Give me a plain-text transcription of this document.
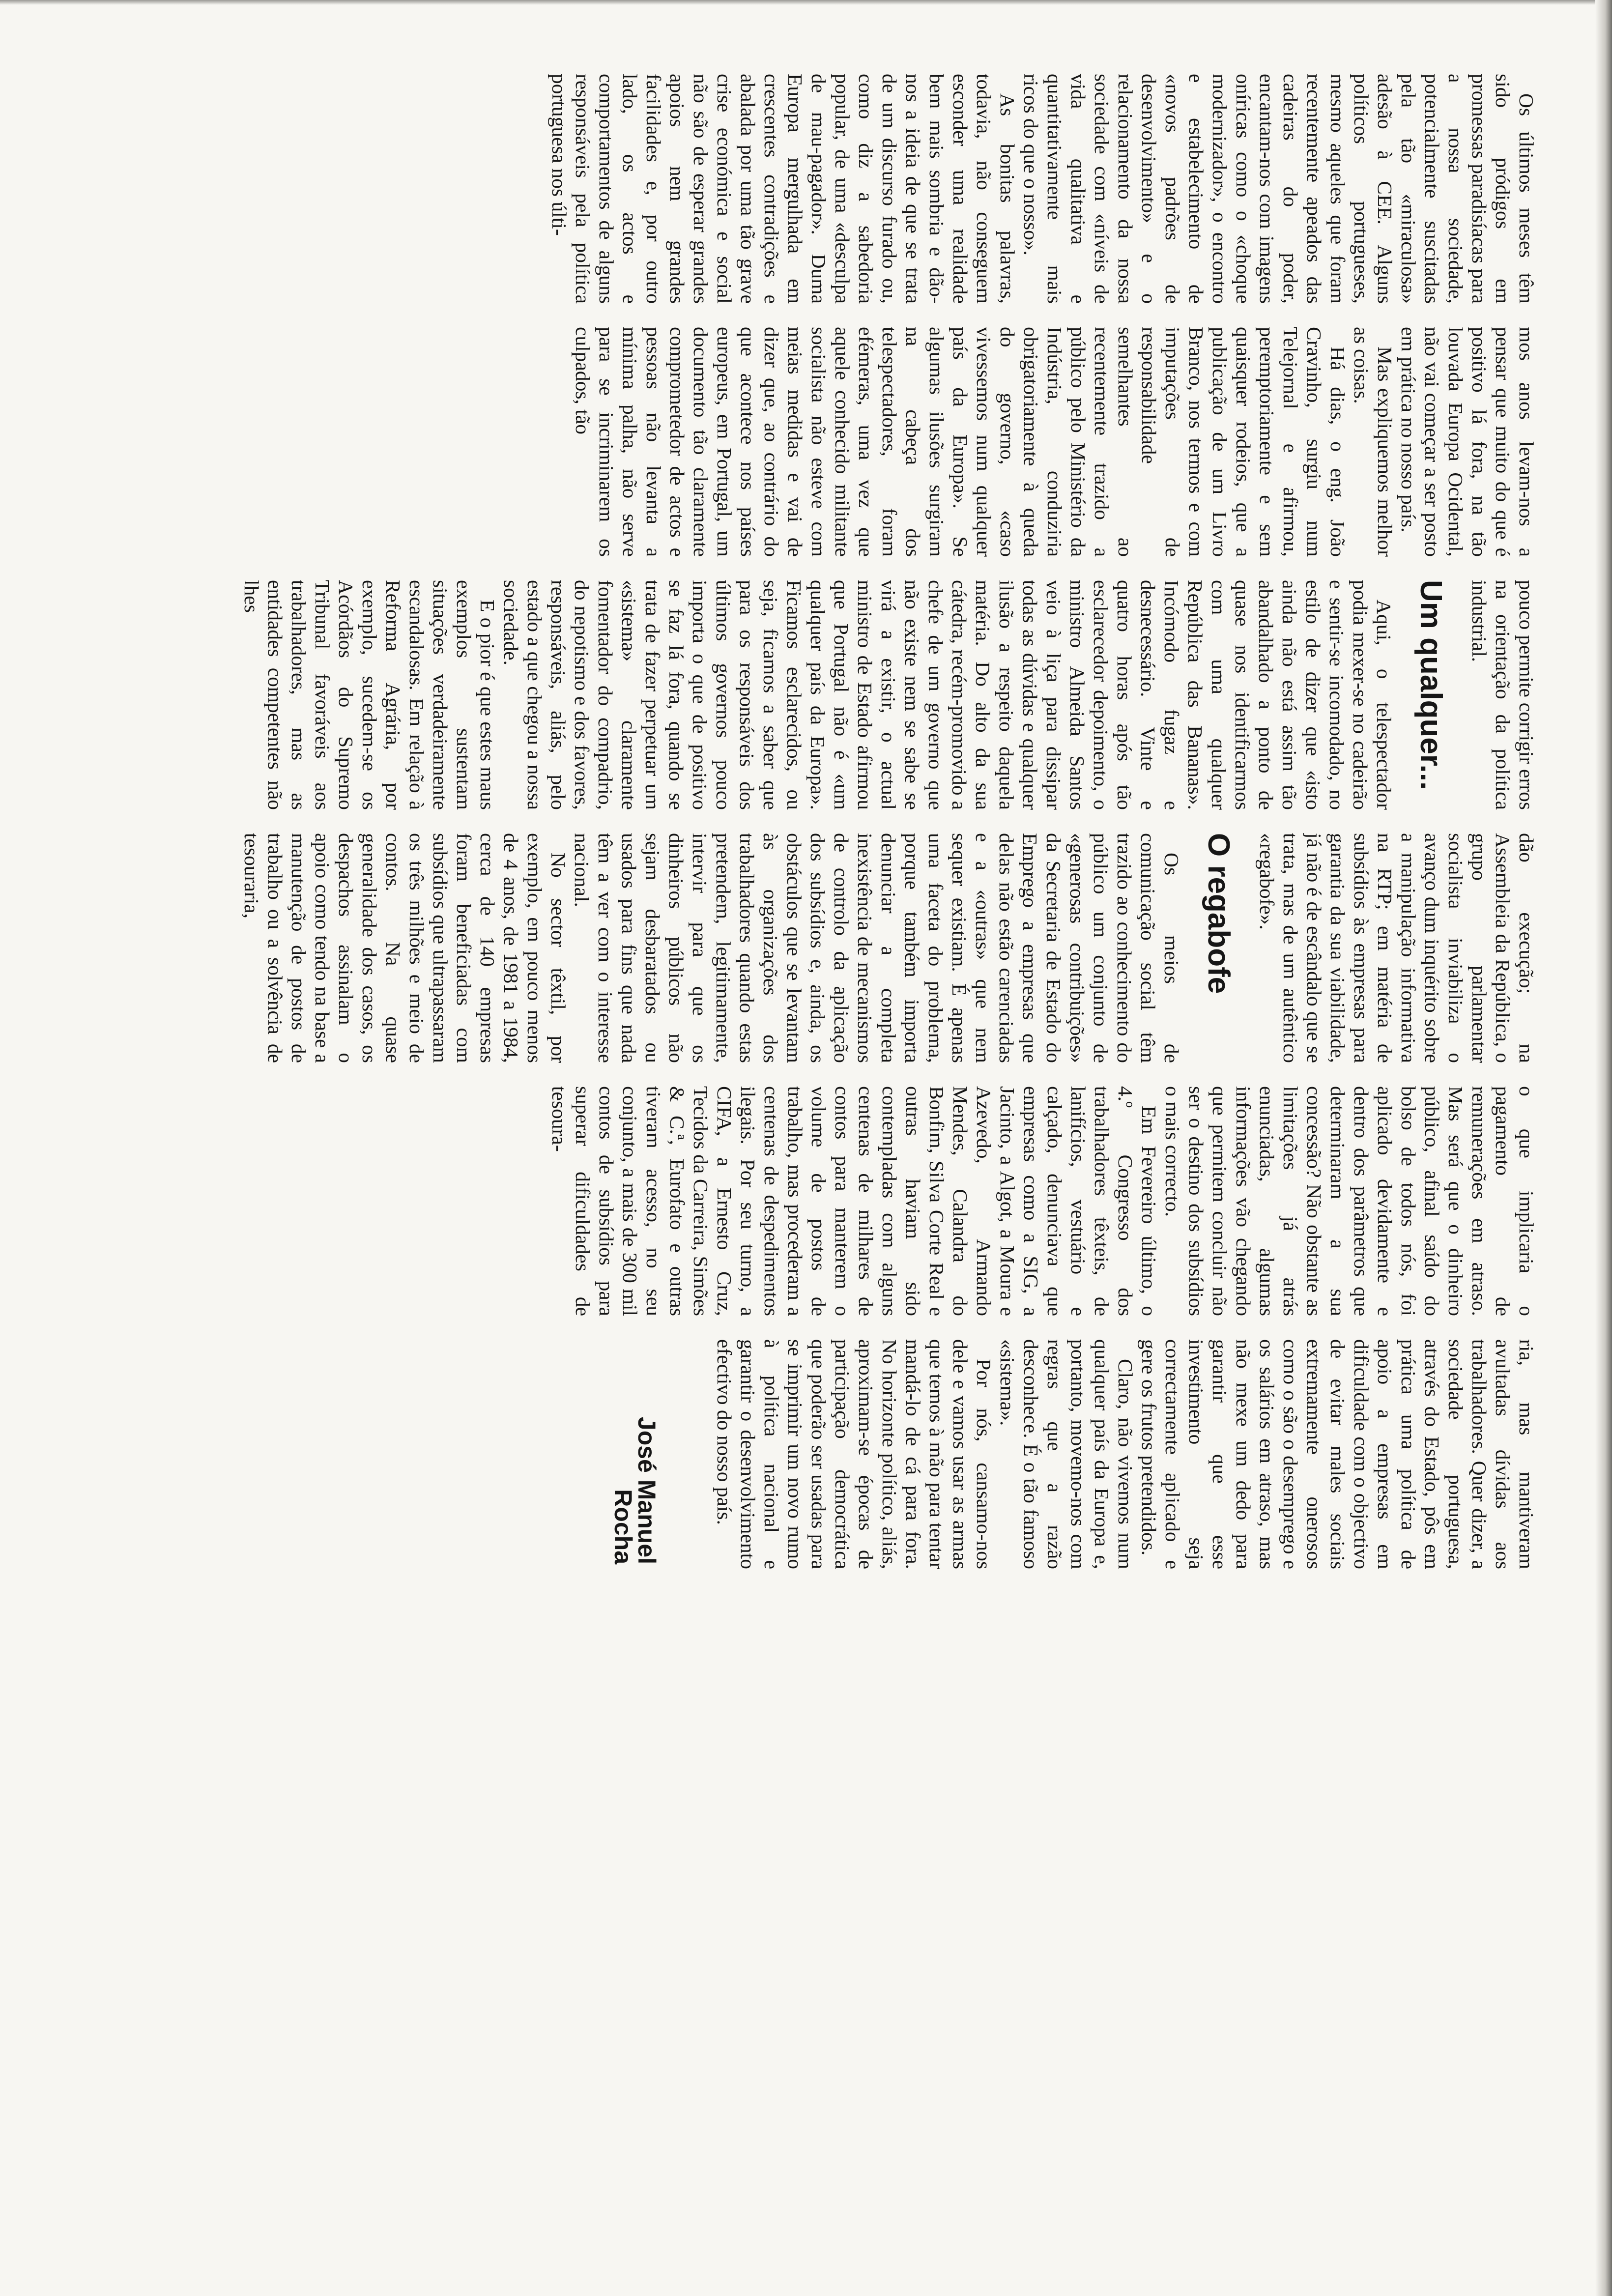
Os últimos meses têm sido pródigos em promessas paradisíacas para a nossa sociedade, potencialmente suscitadas pela tão «miraculosa» adesão à CEE. Alguns políticos portugueses, mesmo aqueles que foram recentemente apeados das cadeiras do poder, encantam-nos com imagens oníricas como o «choque modernizador», o encontro e estabelecimento de «novos padrões de desenvolvimento» e o relacionamento da nossa sociedade com «níveis de vida qualitativa e quantitativamente mais ricos do que o nosso».

As bonitas palavras, todavia, não conseguem esconder uma realidade bem mais sombria e dão-nos a ideia de que se trata de um discurso furado ou, como diz a sabedoria popular, de uma «desculpa de mau-pagador». Duma Europa mergulhada em crescentes contradições e abalada por uma tão grave crise económica e social não são de esperar grandes apoios nem grandes facilidades e, por outro lado, os actos e comportamentos de alguns responsáveis pela política portuguesa nos últi-

mos anos levam-nos a pensar que muito do que é positivo lá fora, na tão louvada Europa Ocidental, não vai começar a ser posto em prática no nosso país.

Mas expliquemos melhor as coisas.

Há dias, o eng. João Cravinho, surgiu num Telejornal e afirmou, peremptoriamente e sem quaisquer rodeios, que a publicação de um Livro Branco, nos termos e com imputações de responsabilidade semelhantes ao recentemente trazido a público pelo Ministério da Indústria, conduziria obrigatoriamente à queda do governo, «caso vivessemos num qualquer país da Europa». Se algumas ilusões surgiram na cabeça dos telespectadores, foram efémeras, uma vez que aquele conhecido militante socialista não esteve com meias medidas e vai de dizer que, ao contrário do que acontece nos países europeus, em Portugal, um documento tão claramente comprometedor de actos e pessoas não levanta a mínima palha, não serve para se incriminarem os culpados, tão

pouco permite corrigir erros na orientação da política industrial.

Um qualquer...

Aqui, o telespectador podia mexer-se no cadeirão e sentir-se incomodado, no estilo de dizer que «isto ainda não está assim tão abandalhado a ponto de quase nos identificarmos com uma qualquer República das Bananas». Incómodo fugaz e desnecessário. Vinte e quatro horas após tão esclarecedor depoimento, o ministro Almeida Santos veio à liça para dissipar todas as dúvidas e qualquer ilusão a respeito daquela matéria. Do alto da sua cátedra, recém-promovido a chefe de um governo que não existe nem se sabe se virá a existir, o actual ministro de Estado afirmou que Portugal não é «um qualquer país da Europa». Ficamos esclarecidos, ou seja, ficamos a saber que para os responsáveis dos últimos governos pouco importa o que de positivo se faz lá fora, quando se trata de fazer perpetuar um «sistema» claramente fomentador do compadrio, do nepotismo e dos favores, responsáveis, aliás, pelo estado a que chegou a nossa sociedade.

E o pior é que estes maus exemplos sustentam situações verdadeiramente escandalosas. Em relação à Reforma Agrária, por exemplo, sucedem-se os Acórdãos do Supremo Tribunal favoráveis aos trabalhadores, mas as entidades competentes não lhes

dão execução; na Assembleia da República, o grupo parlamentar socialista inviabiliza o avanço dum inquérito sobre a manipulação informativa na RTP; em matéria de subsídios às empresas para garantia da sua viabilidade, já não é de escândalo que se trata, mas de um autêntico «regabofe».

O regabofe

Os meios de comunicação social têm trazido ao conhecimento do público um conjunto de «generosas contribuições» da Secretaria de Estado do Emprego a empresas que delas não estão carenciadas e a «outras» que nem sequer existiam. É apenas uma faceta do problema, porque também importa denunciar a completa inexistência de mecanismos de controlo da aplicação dos subsídios e, ainda, os obstáculos que se levantam às organizações dos trabalhadores quando estas pretendem, legitimamente, intervir para que os dinheiros públicos não sejam desbaratados ou usados para fins que nada têm a ver com o interesse nacional.

No sector têxtil, por exemplo, em pouco menos de 4 anos, de 1981 a 1984, cerca de 140 empresas foram beneficiadas com subsídios que ultrapassaram os três milhões e meio de contos. Na quase generalidade dos casos, os despachos assinalam o apoio como tendo na base a manutenção de postos de trabalho ou a solvência de tesouraria,

o que implicaria o pagamento de remunerações em atraso. Mas será que o dinheiro público, afinal saído do bolso de todos nós, foi aplicado devidamente e dentro dos parâmetros que determinaram a sua concessão? Não obstante as limitações já atrás enunciadas, algumas informações vão chegando que permitem concluir não ser o destino dos subsídios o mais correcto.

Em Fevereiro último, o 4.º Congresso dos trabalhadores têxteis, de lanifícios, vestuário e calçado, denunciava que empresas como a SIG, a Jacinto, a Algot, a Moura e Azevedo, Armando Mendes, Calandra do Bonfim, Silva Corte Real e outras haviam sido contempladas com alguns centenas de milhares de contos para manterem o volume de postos de trabalho, mas procederam a centenas de despedimentos ilegais. Por seu turno, a CIFA, a Ernesto Cruz, Tecidos da Carreira, Simões & C.ª, Eurofato e outras tiveram acesso, no seu conjunto, a mais de 300 mil contos de subsídios para superar dificuldades de tesoura-

ria, mas mantiveram avultadas dívidas aos trabalhadores. Quer dizer, a sociedade portuguesa, através do Estado, pôs em prática uma política de apoio a empresas em dificuldade com o objectivo de evitar males sociais extremamente onerosos como o são o desemprego e os salários em atraso, mas não mexe um dedo para garantir que esse investimento seja correctamente aplicado e gere os frutos pretendidos.

Claro, não vivemos num qualquer país da Europa e, portanto, movemo-nos com regras que a razão desconhece. É o tão famoso «sistema».

Por nós, cansamo-nos dele e vamos usar as armas que temos à mão para tentar mandá-lo de cá para fora. No horizonte político, aliás, aproximam-se épocas de participação democrática que poderão ser usadas para se imprimir um novo rumo à política nacional e garantir o desenvolvimento efectivo do nosso país.

José Manuel Rocha
